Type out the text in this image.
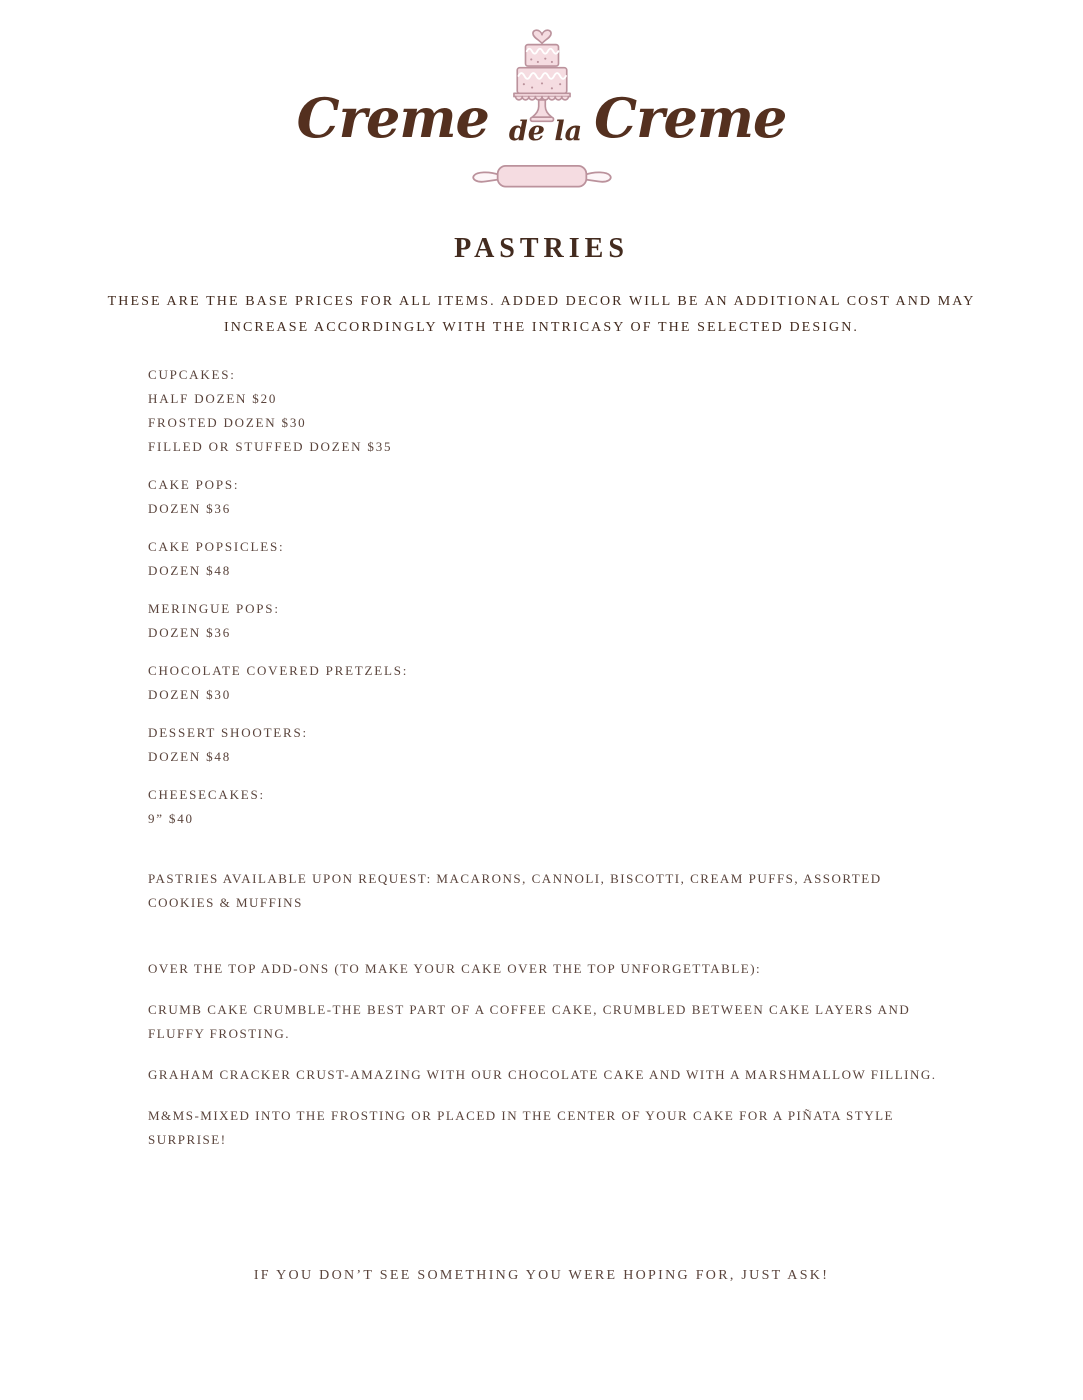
Creme de la Creme
PASTRIES

THESE ARE THE BASE PRICES FOR ALL ITEMS. ADDED DECOR WILL BE AN ADDITIONAL COST AND MAY INCREASE ACCORDINGLY WITH THE INTRICASY OF THE SELECTED DESIGN.

CUPCAKES:
HALF DOZEN $20
FROSTED DOZEN $30
FILLED OR STUFFED DOZEN $35
CAKE POPS:
DOZEN $36
CAKE POPSICLES:
DOZEN $48
MERINGUE POPS:
DOZEN $36
CHOCOLATE COVERED PRETZELS:
DOZEN $30
DESSERT SHOOTERS:
DOZEN $48
CHEESECAKES:
9” $40

PASTRIES AVAILABLE UPON REQUEST: MACARONS, CANNOLI, BISCOTTI, CREAM PUFFS, ASSORTED COOKIES & MUFFINS

OVER THE TOP ADD-ONS (TO MAKE YOUR CAKE OVER THE TOP UNFORGETTABLE):

CRUMB CAKE CRUMBLE-THE BEST PART OF A COFFEE CAKE, CRUMBLED BETWEEN CAKE LAYERS AND FLUFFY FROSTING.

GRAHAM CRACKER CRUST-AMAZING WITH OUR CHOCOLATE CAKE AND WITH A MARSHMALLOW FILLING.

M&MS-MIXED INTO THE FROSTING OR PLACED IN THE CENTER OF YOUR CAKE FOR A PIÑATA STYLE SURPRISE!

IF YOU DON’T SEE SOMETHING YOU WERE HOPING FOR, JUST ASK!
